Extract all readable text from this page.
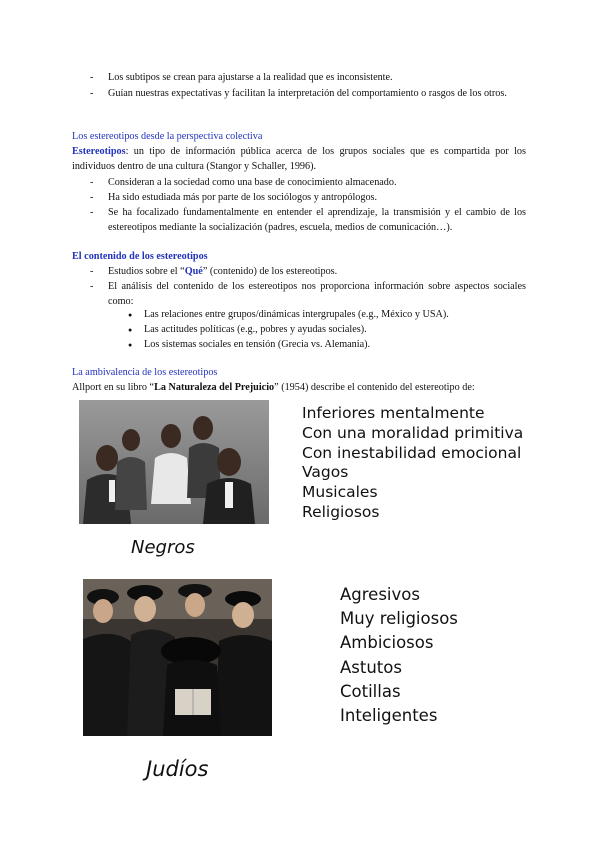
-	Los subtipos se crean para ajustarse a la realidad que es inconsistente.
-	Guían nuestras expectativas y facilitan la interpretación del comportamiento o rasgos de los otros.
Los estereotipos desde la perspectiva colectiva
Estereotipos: un tipo de información pública acerca de los grupos sociales que es compartida por los individuos dentro de una cultura (Stangor y Schaller, 1996).
-	Consideran a la sociedad como una base de conocimiento almacenado.
-	Ha sido estudiada más por parte de los sociólogos y antropólogos.
-	Se ha focalizado fundamentalmente en entender el aprendizaje, la transmisión y el cambio de los estereotipos mediante la socialización (padres, escuela, medios de comunicación…).
El contenido de los estereotipos
-	Estudios sobre el “Qué” (contenido) de los estereotipos.
-	El análisis del contenido de los estereotipos nos proporciona información sobre aspectos sociales como:
●	Las relaciones entre grupos/dinámicas intergrupales (e.g., México y USA).
●	Las actitudes políticas (e.g., pobres y ayudas sociales).
●	Los sistemas sociales en tensión (Grecia vs. Alemania).
La ambivalencia de los estereotipos
Allport en su libro “La Naturaleza del Prejuicio” (1954) describe el contenido del estereotipo de:
Inferiores mentalmente
Con una moralidad primitiva
Con inestabilidad emocional
Vagos
Musicales
Religiosos
Negros
Agresivos
Muy religiosos
Ambiciosos
Astutos
Cotillas
Inteligentes
Judíos
